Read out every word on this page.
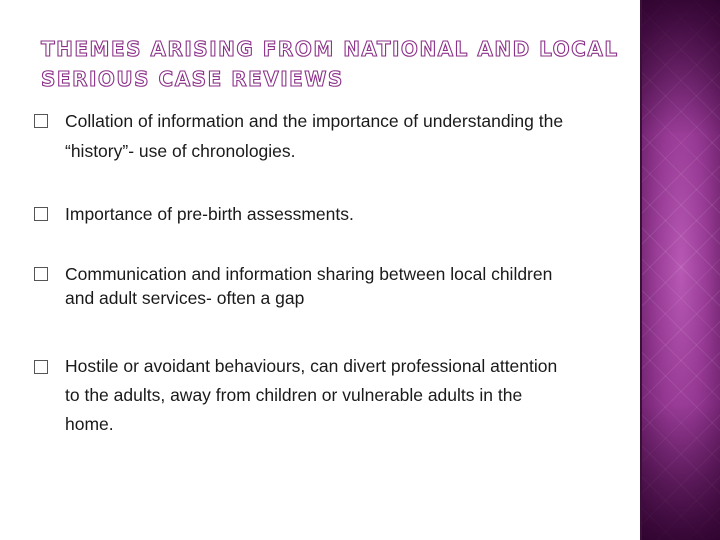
THEMES ARISING FROM NATIONAL AND LOCAL
SERIOUS CASE REVIEWS
Collation of information and the importance of understanding the
“history”- use of chronologies.
Importance of pre-birth assessments.
Communication and information sharing between local children
and adult services- often a gap
Hostile or avoidant behaviours, can divert professional attention
to the adults, away from children or vulnerable adults in the
home.
